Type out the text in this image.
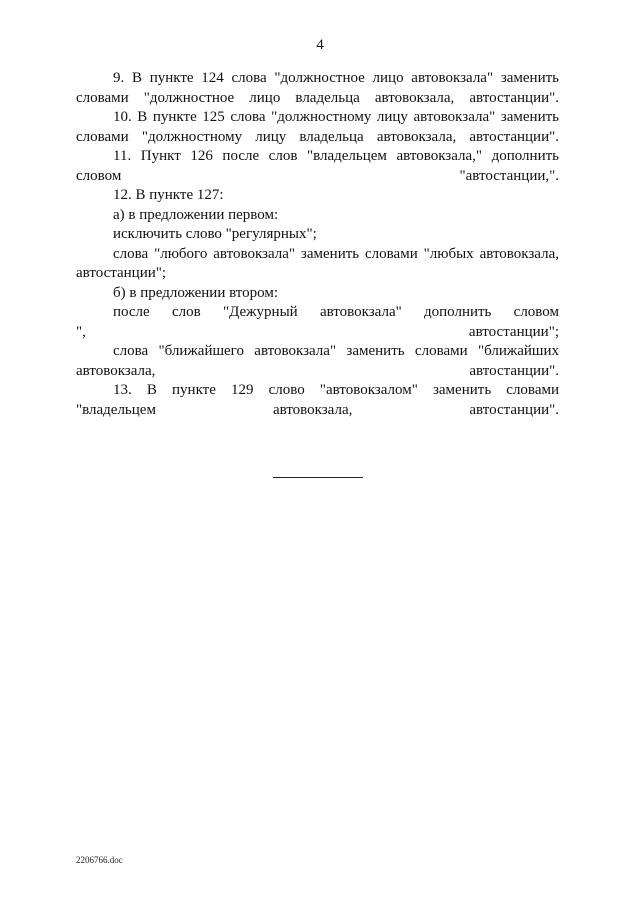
4

9. В пункте 124 слова "должностное лицо автовокзала" заменить
словами "должностное лицо владельца автовокзала, автостанции".

10. В пункте 125 слова "должностному лицу автовокзала" заменить
словами "должностному лицу владельца автовокзала, автостанции".

11. Пункт 126 после слов "владельцем автовокзала," дополнить
словом "автостанции,".

12. В пункте 127:

а) в предложении первом:

исключить слово "регулярных";

слова "любого автовокзала" заменить словами "любых автовокзала,
автостанции";

б) в предложении втором:

после слов "Дежурный автовокзала" дополнить словом
", автостанции";

слова "ближайшего автовокзала" заменить словами "ближайших
автовокзала, автостанции".

13. В пункте 129 слово "автовокзалом" заменить словами
"владельцем автовокзала, автостанции".

2206766.doc
